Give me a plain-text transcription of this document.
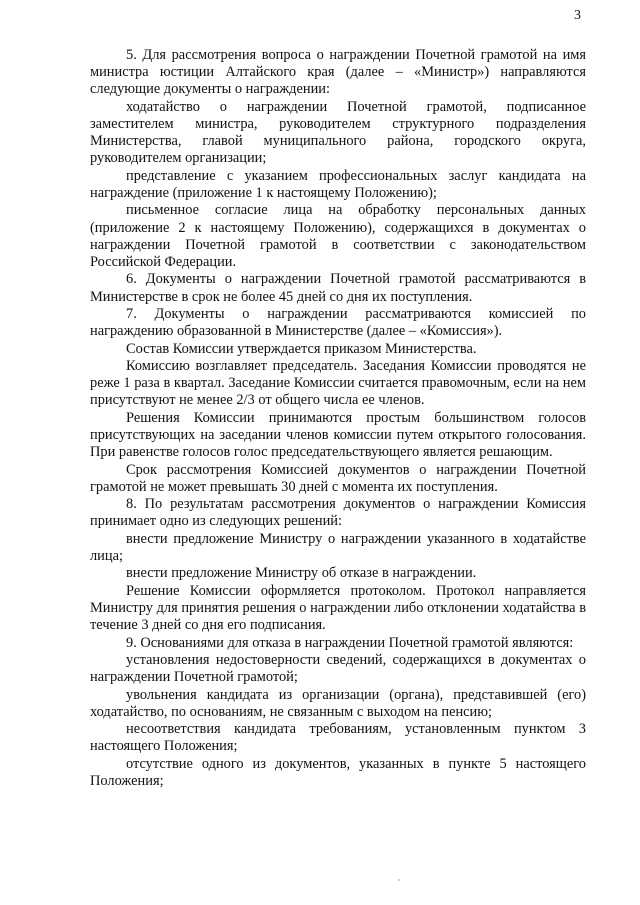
3

5. Для рассмотрения вопроса о награждении Почетной грамотой на имя министра юстиции Алтайского края (далее – «Министр») направляются следующие документы о награждении:

ходатайство о награждении Почетной грамотой, подписанное заместителем министра, руководителем структурного подразделения Министерства, главой муниципального района, городского округа, руководителем организации;

представление с указанием профессиональных заслуг кандидата на награждение (приложение 1 к настоящему Положению);

письменное согласие лица на обработку персональных данных (приложение 2 к настоящему Положению), содержащихся в документах о награждении Почетной грамотой в соответствии с законодательством Российской Федерации.

6. Документы о награждении Почетной грамотой рассматриваются в Министерстве в срок не более 45 дней со дня их поступления.

7. Документы о награждении рассматриваются комиссией по награждению образованной в Министерстве (далее – «Комиссия»).

Состав Комиссии утверждается приказом Министерства.

Комиссию возглавляет председатель. Заседания Комиссии проводятся не реже 1 раза в квартал. Заседание Комиссии считается правомочным, если на нем присутствуют не менее 2/3 от общего числа ее членов.

Решения Комиссии принимаются простым большинством голосов присутствующих на заседании членов комиссии путем открытого голосования. При равенстве голосов голос председательствующего является решающим.

Срок рассмотрения Комиссией документов о награждении Почетной грамотой не может превышать 30 дней с момента их поступления.

8. По результатам рассмотрения документов о награждении Комиссия принимает одно из следующих решений:

внести предложение Министру о награждении указанного в ходатайстве лица;

внести предложение Министру об отказе в награждении.

Решение Комиссии оформляется протоколом. Протокол направляется Министру для принятия решения о награждении либо отклонении ходатайства в течение 3 дней со дня его подписания.

9. Основаниями для отказа в награждении Почетной грамотой являются:

установления недостоверности сведений, содержащихся в документах о награждении Почетной грамотой;

увольнения кандидата из организации (органа), представившей (его) ходатайство, по основаниям, не связанным с выходом на пенсию;

несоответствия кандидата требованиям, установленным пунктом 3 настоящего Положения;

отсутствие одного из документов, указанных в пункте 5 настоящего Положения;
